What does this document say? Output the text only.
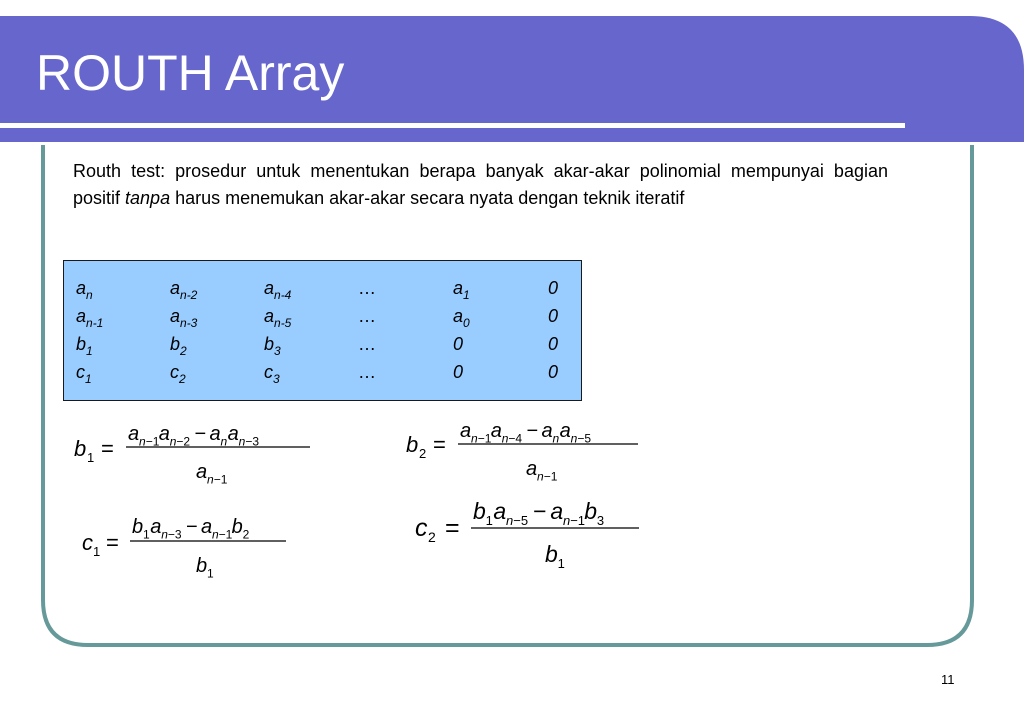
ROUTH Array
Routh test: prosedur untuk menentukan berapa banyak akar-akar polinomial mempunyai bagian positif tanpa harus menemukan akar-akar secara nyata dengan teknik iteratif
$a_n$	$a_{n-2}$	$a_{n-4}$	…	$a_1$	0
$a_{n-1}$	$a_{n-3}$	$a_{n-5}$	…	$a_0$	0
$b_1$	$b_2$	$b_3$	…	0	0
$c_1$	$c_2$	$c_3$	…	0	0
b 1 =
a n−1 a n−2 − a n a n−3
a n−1
b 2 =
a n−1 a n−4 − a n a n−5
a n−1
c 1 =
b 1 a n−3 − a n−1 b 2
b 1
c 2 =
b 1 a n−5 − a n−1 b 3
b 1
11
